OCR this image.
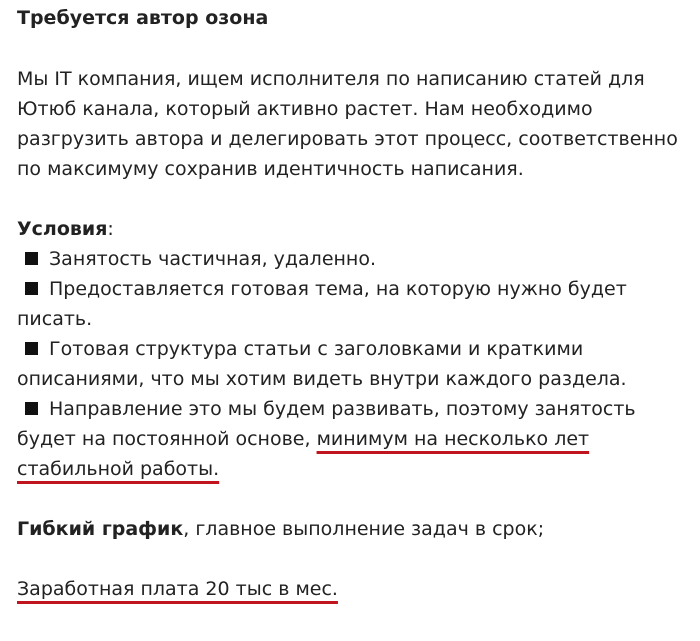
Требуется автор озона
Мы IT компания, ищем исполнителя по написанию статей для Ютюб канала, который активно растет. Нам необходимо разгрузить автора и делегировать этот процесс, соответственно по максимуму сохранив идентичность написания.
Условия:
Занятость частичная, удаленно.
Предоставляется готовая тема, на которую нужно будет писать.
Готовая структура статьи с заголовками и краткими описаниями, что мы хотим видеть внутри каждого раздела.
Направление это мы будем развивать, поэтому занятость будет на постоянной основе, минимум на несколько лет стабильной работы.
Гибкий график, главное выполнение задач в срок;
Заработная плата 20 тыс в мес.
